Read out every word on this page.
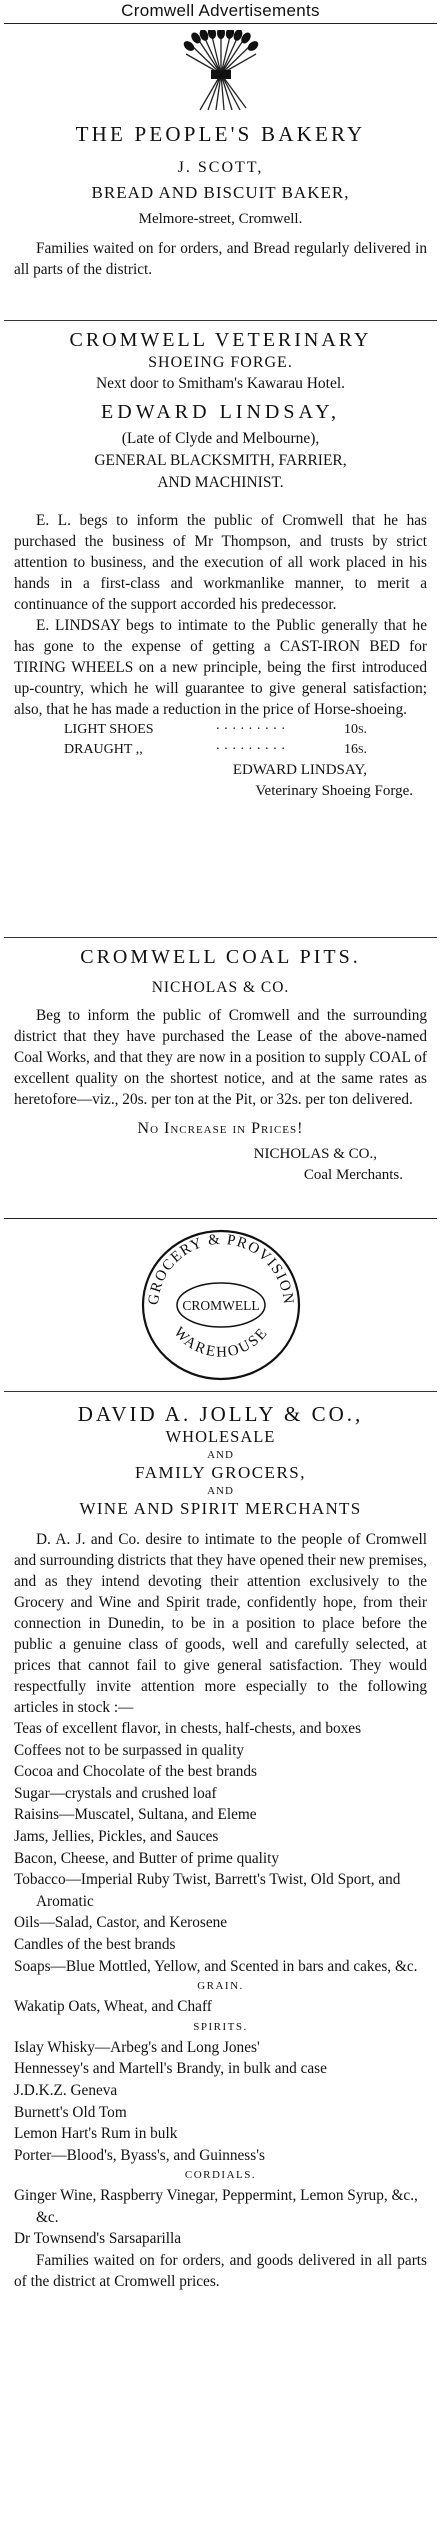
Cromwell Advertisements
THE PEOPLE'S BAKERY
J. SCOTT,
BREAD AND BISCUIT BAKER,
Melmore-street, Cromwell.
Families waited on for orders, and Bread regularly delivered in all parts of the district.
CROMWELL VETERINARY
SHOEING FORGE.
Next door to Smitham's Kawarau Hotel.
EDWARD LINDSAY,
(Late of Clyde and Melbourne),
GENERAL BLACKSMITH, FARRIER,
AND MACHINIST.
E. L. begs to inform the public of Cromwell that he has purchased the business of Mr Thompson, and trusts by strict attention to business, and the execution of all work placed in his hands in a first-class and workmanlike manner, to merit a continuance of the support accorded his predecessor.
E. LINDSAY begs to intimate to the Public generally that he has gone to the expense of getting a CAST-IRON BED for TIRING WHEELS on a new principle, being the first introduced up-country, which he will guarantee to give general satisfaction; also, that he has made a reduction in the price of Horse-shoeing.
LIGHT SHOES	· · · · · · · · ·	10s.
DRAUGHT ,,	· · · · · · · · ·	16s.
EDWARD LINDSAY,
Veterinary Shoeing Forge.
CROMWELL COAL PITS.
NICHOLAS & CO.
Beg to inform the public of Cromwell and the surrounding district that they have purchased the Lease of the above-named Coal Works, and that they are now in a position to supply COAL of excellent quality on the shortest notice, and at the same rates as heretofore—viz., 20s. per ton at the Pit, or 32s. per ton delivered.
No Increase in Prices!
NICHOLAS & CO.,
Coal Merchants.
GROCERY & PROVISION
CROMWELL
WAREHOUSE
DAVID A. JOLLY & CO.,
WHOLESALE
AND
FAMILY GROCERS,
AND
WINE AND SPIRIT MERCHANTS
D. A. J. and Co. desire to intimate to the people of Cromwell and surrounding districts that they have opened their new premises, and as they intend devoting their attention exclusively to the Grocery and Wine and Spirit trade, confidently hope, from their connection in Dunedin, to be in a position to place before the public a genuine class of goods, well and carefully selected, at prices that cannot fail to give general satisfaction. They would respectfully invite attention more especially to the following articles in stock :—
Teas of excellent flavor, in chests, half-chests, and boxes
Coffees not to be surpassed in quality
Cocoa and Chocolate of the best brands
Sugar—crystals and crushed loaf
Raisins—Muscatel, Sultana, and Eleme
Jams, Jellies, Pickles, and Sauces
Bacon, Cheese, and Butter of prime quality
Tobacco—Imperial Ruby Twist, Barrett's Twist, Old Sport, and Aromatic
Oils—Salad, Castor, and Kerosene
Candles of the best brands
Soaps—Blue Mottled, Yellow, and Scented in bars and cakes, &c.
GRAIN.
Wakatip Oats, Wheat, and Chaff
SPIRITS.
Islay Whisky—Arbeg's and Long Jones'
Hennessey's and Martell's Brandy, in bulk and case
J.D.K.Z. Geneva
Burnett's Old Tom
Lemon Hart's Rum in bulk
Porter—Blood's, Byass's, and Guinness's
CORDIALS.
Ginger Wine, Raspberry Vinegar, Peppermint, Lemon Syrup, &c., &c.
Dr Townsend's Sarsaparilla
Families waited on for orders, and goods delivered in all parts of the district at Cromwell prices.
